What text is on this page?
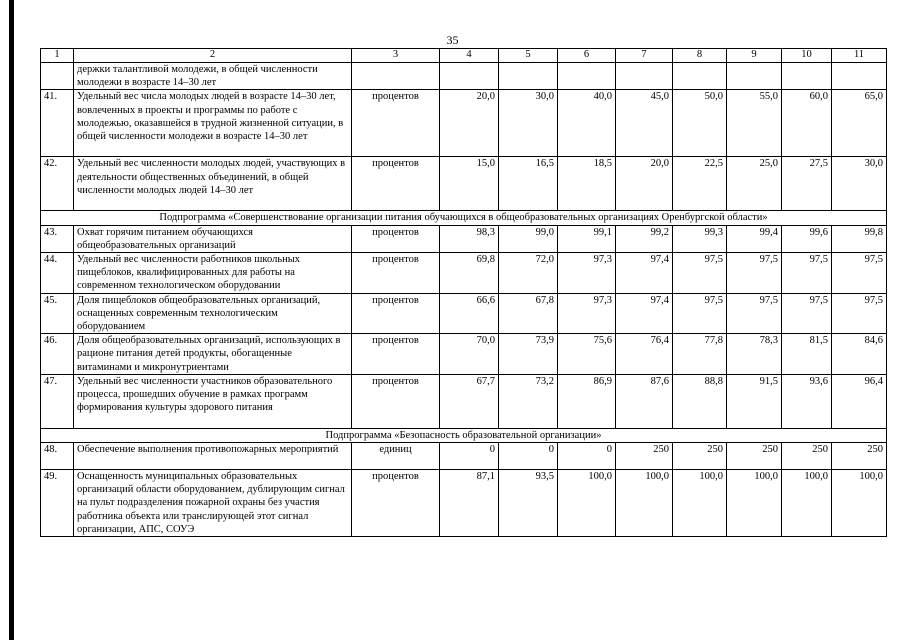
35
1	2	3	4	5	6	7	8	9	10	11
	держки талантливой молодежи, в общей численности молодежи в возрасте 14–30 лет									
41.	Удельный вес числа молодых людей в возрасте 14–30 лет, вовлеченных в проекты и программы по работе с молодежью, оказавшейся в трудной жизненной ситуации, в общей численности молодежи в возрасте 14–30 лет	процентов	20,0	30,0	40,0	45,0	50,0	55,0	60,0	65,0
42.	Удельный вес численности молодых людей, участвующих в деятельности общественных объединений, в общей численности молодых людей 14–30 лет	процентов	15,0	16,5	18,5	20,0	22,5	25,0	27,5	30,0
Подпрограмма «Совершенствование организации питания обучающихся в общеобразовательных организациях Оренбургской области»										
43.	Охват горячим питанием обучающихся общеобразовательных организаций	процентов	98,3	99,0	99,1	99,2	99,3	99,4	99,6	99,8
44.	Удельный вес численности работников школьных пищеблоков, квалифицированных для работы на современном технологическом оборудовании	процентов	69,8	72,0	97,3	97,4	97,5	97,5	97,5	97,5
45.	Доля пищеблоков общеобразовательных организаций, оснащенных современным технологическим оборудованием	процентов	66,6	67,8	97,3	97,4	97,5	97,5	97,5	97,5
46.	Доля общеобразовательных организаций, использующих в рационе питания детей продукты, обогащенные витаминами и микронутриентами	процентов	70,0	73,9	75,6	76,4	77,8	78,3	81,5	84,6
47.	Удельный вес численности участников образовательного процесса, прошедших обучение в рамках программ формирования культуры здорового питания	процентов	67,7	73,2	86,9	87,6	88,8	91,5	93,6	96,4
Подпрограмма «Безопасность образовательной организации»										
48.	Обеспечение выполнения противопожарных мероприятий	единиц	0	0	0	250	250	250	250	250
49.	Оснащенность муниципальных образовательных организаций области оборудованием, дублирующим сигнал на пульт подразделения пожарной охраны без участия работника объекта или транслирующей этот сигнал организации, АПС, СОУЭ	процентов	87,1	93,5	100,0	100,0	100,0	100,0	100,0	100,0
